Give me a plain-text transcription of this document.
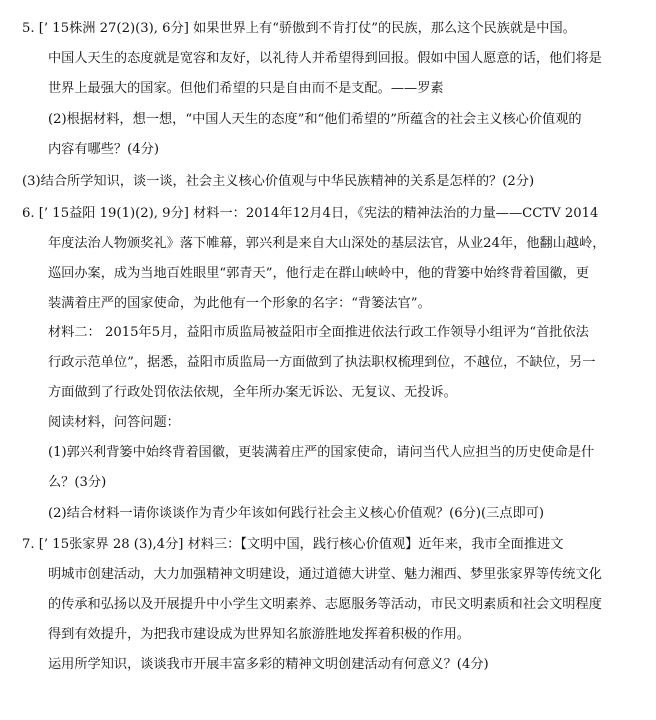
5. [’ 15株洲 27(2)(3), 6分] 如果世界上有“骄傲到不肯打仗”的民族，那么这个民族就是中国。
中国人天生的态度就是宽容和友好，以礼待人并希望得到回报。假如中国人愿意的话，他们将是
世界上最强大的国家。但他们希望的只是自由而不是支配。——罗素
(2)根据材料，想一想，“中国人天生的态度”和“他们希望的”所蕴含的社会主义核心价值观的
内容有哪些？(4分)
(3)结合所学知识，谈一谈，社会主义核心价值观与中华民族精神的关系是怎样的？(2分)
6. [’ 15益阳 19(1)(2), 9分] 材料一：2014年12月4日，《宪法的精神法治的力量——CCTV 2014
年度法治人物颁奖礼》落下帷幕，郭兴利是来自大山深处的基层法官，从业24年，他翻山越岭，
巡回办案，成为当地百姓眼里“郭青天”，他行走在群山峡岭中，他的背篓中始终背着国徽，更
装满着庄严的国家使命，为此他有一个形象的名字：“背篓法官”。
材料二： 2015年5月，益阳市质监局被益阳市全面推进依法行政工作领导小组评为“首批依法
行政示范单位”，据悉，益阳市质监局一方面做到了执法职权梳理到位，不越位，不缺位，另一
方面做到了行政处罚依法依规，全年所办案无诉讼、无复议、无投诉。
阅读材料，问答问题：
(1)郭兴利背篓中始终背着国徽，更装满着庄严的国家使命，请问当代人应担当的历史使命是什
么？(3分)
(2)结合材料一请你谈谈作为青少年该如何践行社会主义核心价值观？(6分)(三点即可)
7. [’ 15张家界 28 (3),4分] 材料三：【文明中国，践行核心价值观】近年来，我市全面推进文
明城市创建活动，大力加强精神文明建设，通过道德大讲堂、魅力湘西、梦里张家界等传统文化
的传承和弘扬以及开展提升中小学生文明素养、志愿服务等活动，市民文明素质和社会文明程度
得到有效提升，为把我市建设成为世界知名旅游胜地发挥着积极的作用。
运用所学知识，谈谈我市开展丰富多彩的精神文明创建活动有何意义？(4分)
